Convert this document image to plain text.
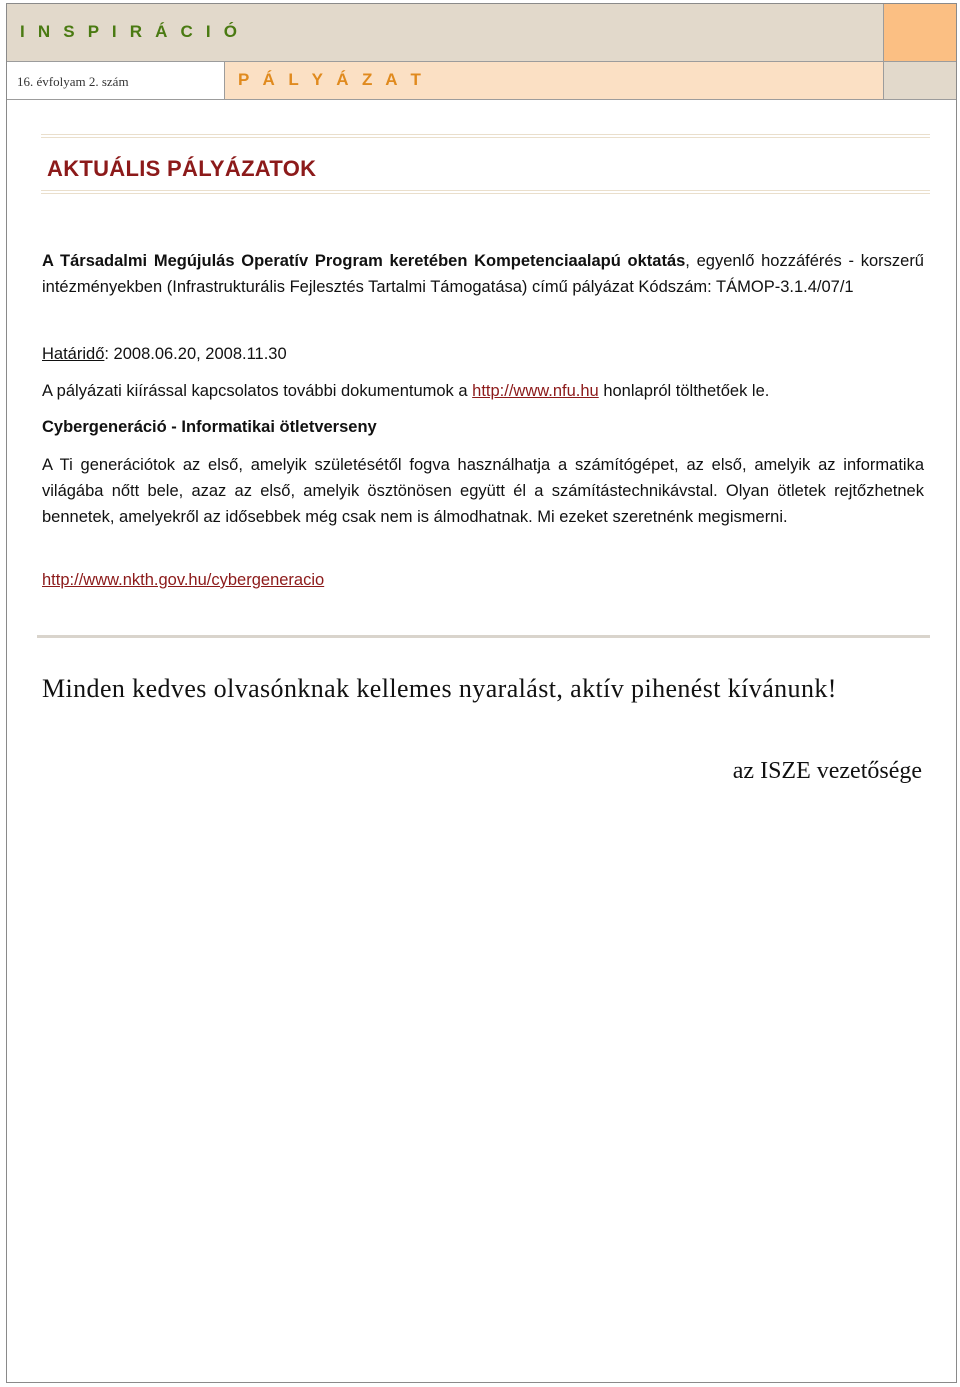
I N S P I R Á C I Ó
16. évfolyam 2. szám	P Á L Y Á Z A T
AKTUÁLIS PÁLYÁZATOK

A Társadalmi Megújulás Operatív Program keretében Kompetenciaalapú oktatás, egyenlő hozzáférés - korszerű intézményekben (Infrastrukturális Fejlesztés Tartalmi Támogatása) című pályázat Kódszám: TÁMOP-3.1.4/07/1

Határidő: 2008.06.20, 2008.11.30

A pályázati kiírással kapcsolatos további dokumentumok a http://www.nfu.hu honlapról tölthetőek le.

Cybergeneráció - Informatikai ötletverseny

A Ti generációtok az első, amelyik születésétől fogva használhatja a számítógépet, az első, amelyik az informatika világába nőtt bele, azaz az első, amelyik ösztönösen együtt él a számítástechnikávstal. Olyan ötletek rejtőzhetnek bennetek, amelyekről az idősebbek még csak nem is álmodhatnak. Mi ezeket szeretnénk megismerni.

http://www.nkth.gov.hu/cybergeneracio

Minden kedves olvasónknak kellemes nyaralást, aktív pihenést kívánunk!

az ISZE vezetősége
